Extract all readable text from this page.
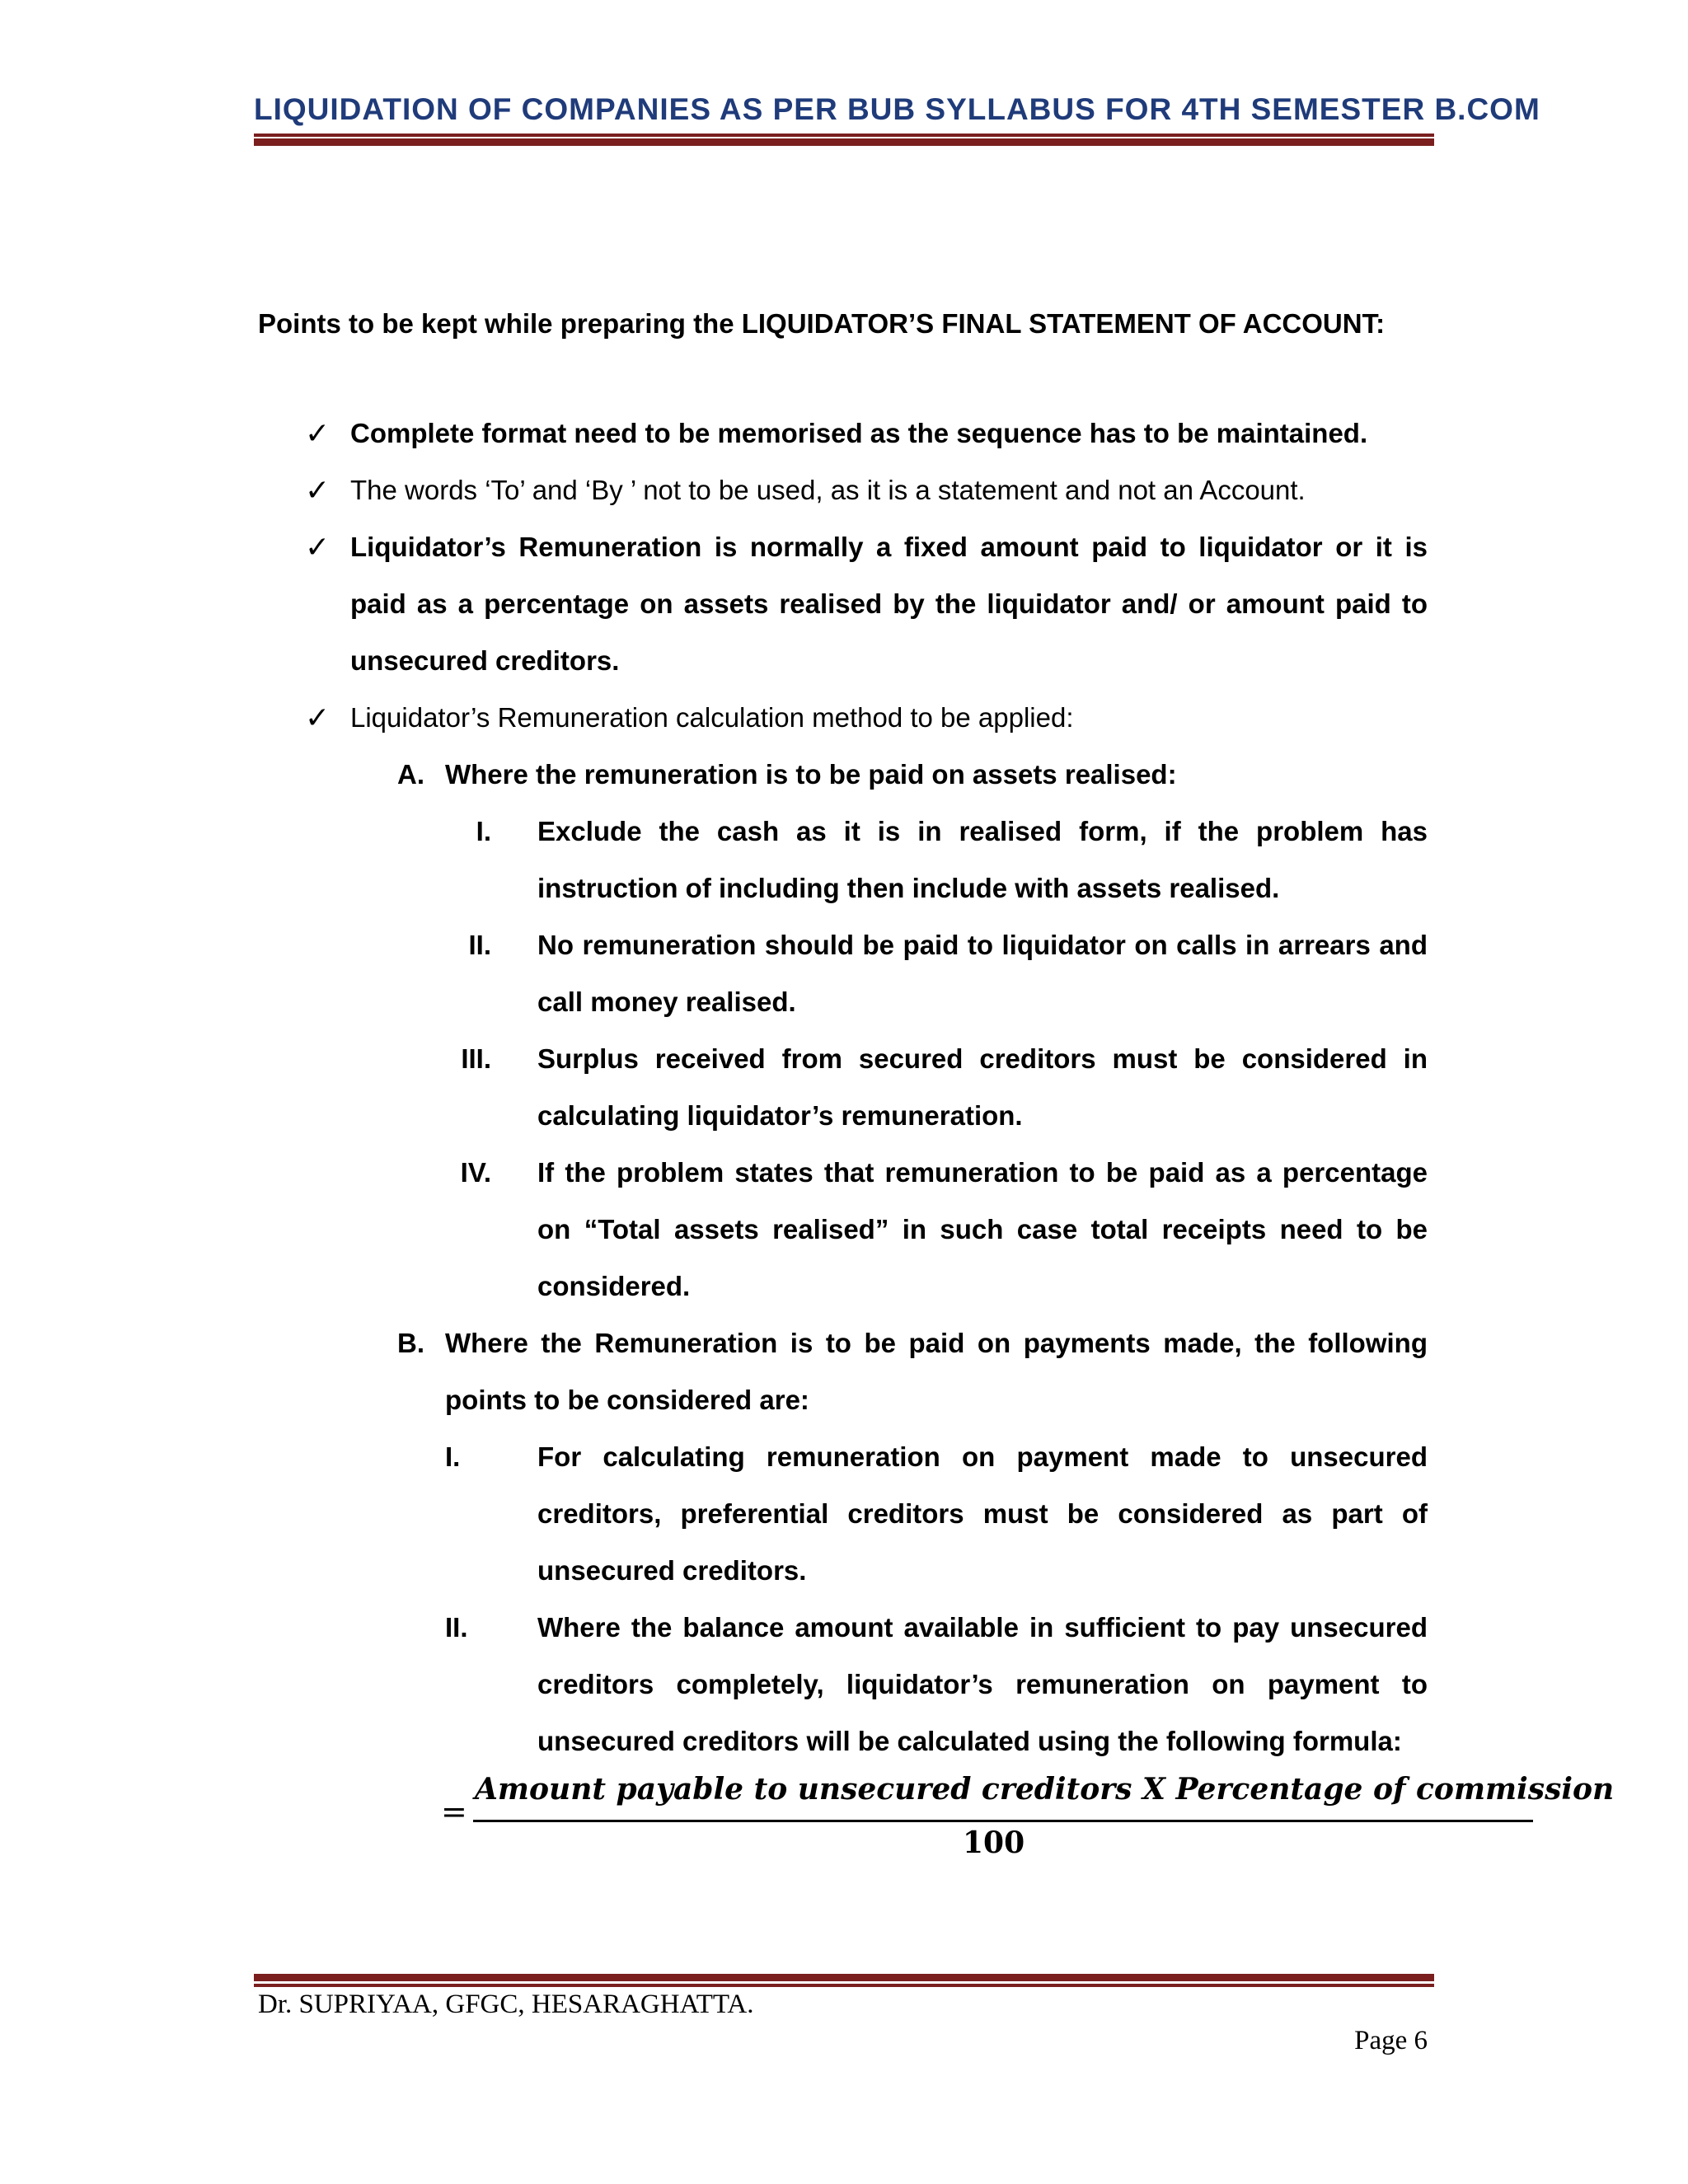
LIQUIDATION OF COMPANIES AS PER BUB SYLLABUS FOR 4TH SEMESTER B.COM
Points to be kept while preparing the LIQUIDATOR’S FINAL STATEMENT OF ACCOUNT:
✓ Complete format need to be memorised as the sequence has to be maintained.
✓ The words ‘To’ and ‘By ’ not to be used, as it is a statement and not an Account.
✓ Liquidator’s Remuneration is normally a fixed amount paid to liquidator or it is
paid as a percentage on assets realised by the liquidator and/ or amount paid to
unsecured creditors.
✓ Liquidator’s Remuneration calculation method to be applied:
A. Where the remuneration is to be paid on assets realised:
I. Exclude the cash as it is in realised form, if the problem has
instruction of including then include with assets realised.
II. No remuneration should be paid to liquidator on calls in arrears and
call money realised.
III. Surplus received from secured creditors must be considered in
calculating liquidator’s remuneration.
IV. If the problem states that remuneration to be paid as a percentage
on “Total assets realised” in such case total receipts need to be
considered.
B. Where the Remuneration is to be paid on payments made, the following
points to be considered are:
I.	For calculating remuneration on payment made to unsecured
creditors, preferential creditors must be considered as part of
unsecured creditors.
II.	Where the balance amount available in sufficient to pay unsecured
creditors completely, liquidator’s remuneration on payment to
unsecured creditors will be calculated using the following formula:
=
Amount payable to unsecured creditors X Percentage of commission
100
Dr. SUPRIYAA, GFGC, HESARAGHATTA.
Page 6
